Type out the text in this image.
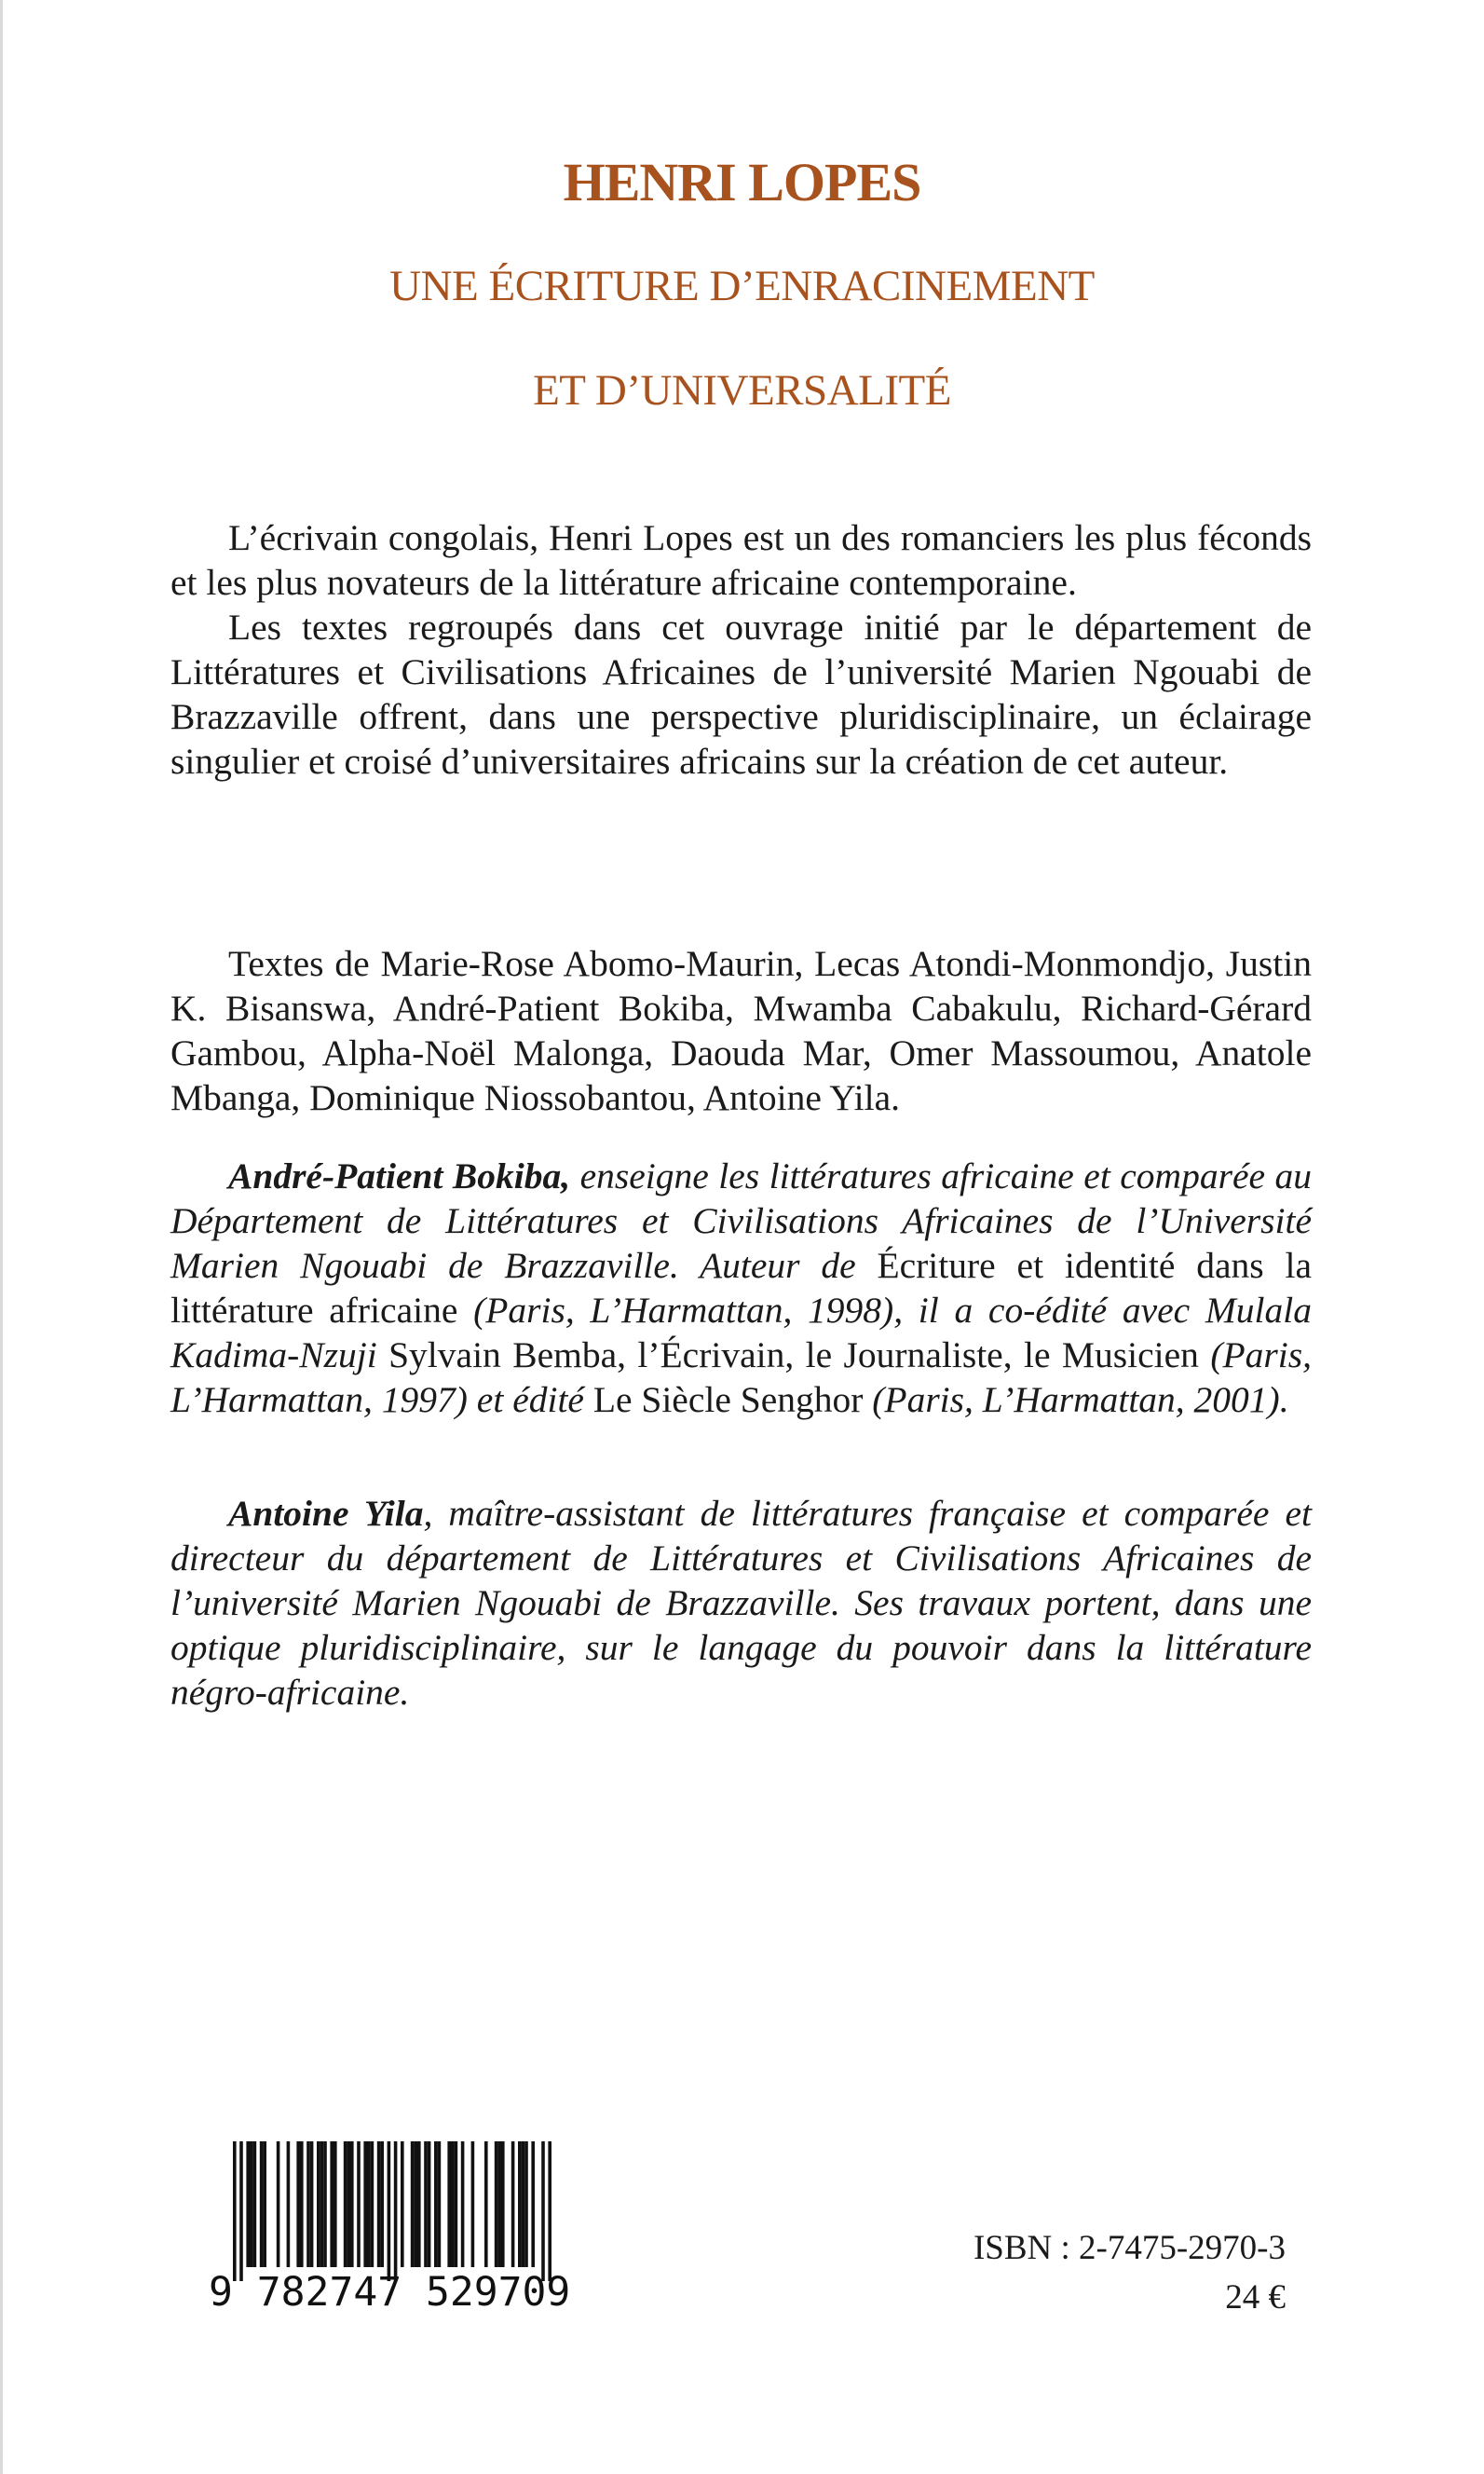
HENRI LOPES
UNE ÉCRITURE D’ENRACINEMENT
ET D’UNIVERSALITÉ

L’écrivain congolais, Henri Lopes est un des romanciers les plus féconds et les plus novateurs de la littérature africaine contemporaine.

Les textes regroupés dans cet ouvrage initié par le département de Littératures et Civilisations Africaines de l’université Marien Ngouabi de Brazzaville offrent, dans une perspective pluridisciplinaire, un éclairage singulier et croisé d’universitaires africains sur la création de cet auteur.

Textes de Marie-Rose Abomo-Maurin, Lecas Atondi-Monmondjo, Justin K. Bisanswa, André-Patient Bokiba, Mwamba Cabakulu, Richard-Gérard Gambou, Alpha-Noël Malonga, Daouda Mar, Omer Massoumou, Anatole Mbanga, Dominique Niossobantou, Antoine Yila.

André-Patient Bokiba, enseigne les littératures africaine et comparée au Département de Littératures et Civilisations Africaines de l’Université Marien Ngouabi de Brazzaville. Auteur de Écriture et identité dans la littérature africaine (Paris, L’Harmattan, 1998), il a co-édité avec Mulala Kadima-Nzuji Sylvain Bemba, l’Écrivain, le Journaliste, le Musicien (Paris, L’Harmattan, 1997) et édité Le Siècle Senghor (Paris, L’Harmattan, 2001).

Antoine Yila, maître-assistant de littératures française et comparée et directeur du département de Littératures et Civilisations Africaines de l’université Marien Ngouabi de Brazzaville. Ses travaux portent, dans une optique pluridisciplinaire, sur le langage du pouvoir dans la littérature négro-africaine.

9 782747 529709
ISBN : 2-7475-2970-3
24 €
